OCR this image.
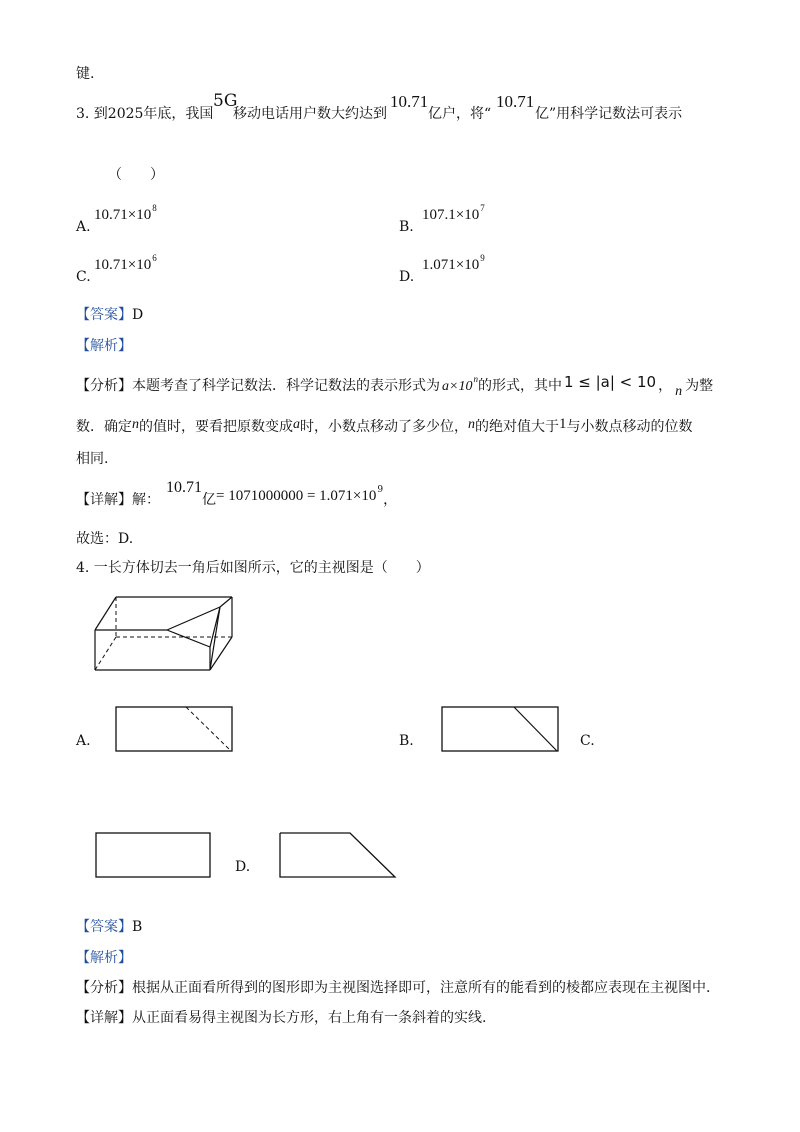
键.
3. 到2025年底，我国
5G
移动电话用户数大约达到
10.71
亿户，将“
10.71
亿”用科学记数法可表示
（　　）
A.
$10.71\times 10^8$
B.
$107.1\times 10^7$
C.
$10.71\times 10^6$
D.
$1.071\times 10^9$
【答案】D
【解析】
【分析】本题考查了科学记数法．科学记数法的表示形式为 $a\times 10^n$的形式，其中 1 ≤ |a| < 10 ， n 为整
数．确定n的值时，要看把原数变成a时，小数点移动了多少位，n的绝对值大于1与小数点移动的位数
相同.
【详解】解：10.71亿= $1071000000 = 1.071\times 10^9$，
故选：D.
4. 一长方体切去一角后如图所示，它的主视图是（　　）
A.	B.	C.
D.
【答案】B
【解析】
【分析】根据从正面看所得到的图形即为主视图选择即可，注意所有的能看到的棱都应表现在主视图中.
【详解】从正面看易得主视图为长方形，右上角有一条斜着的实线.
